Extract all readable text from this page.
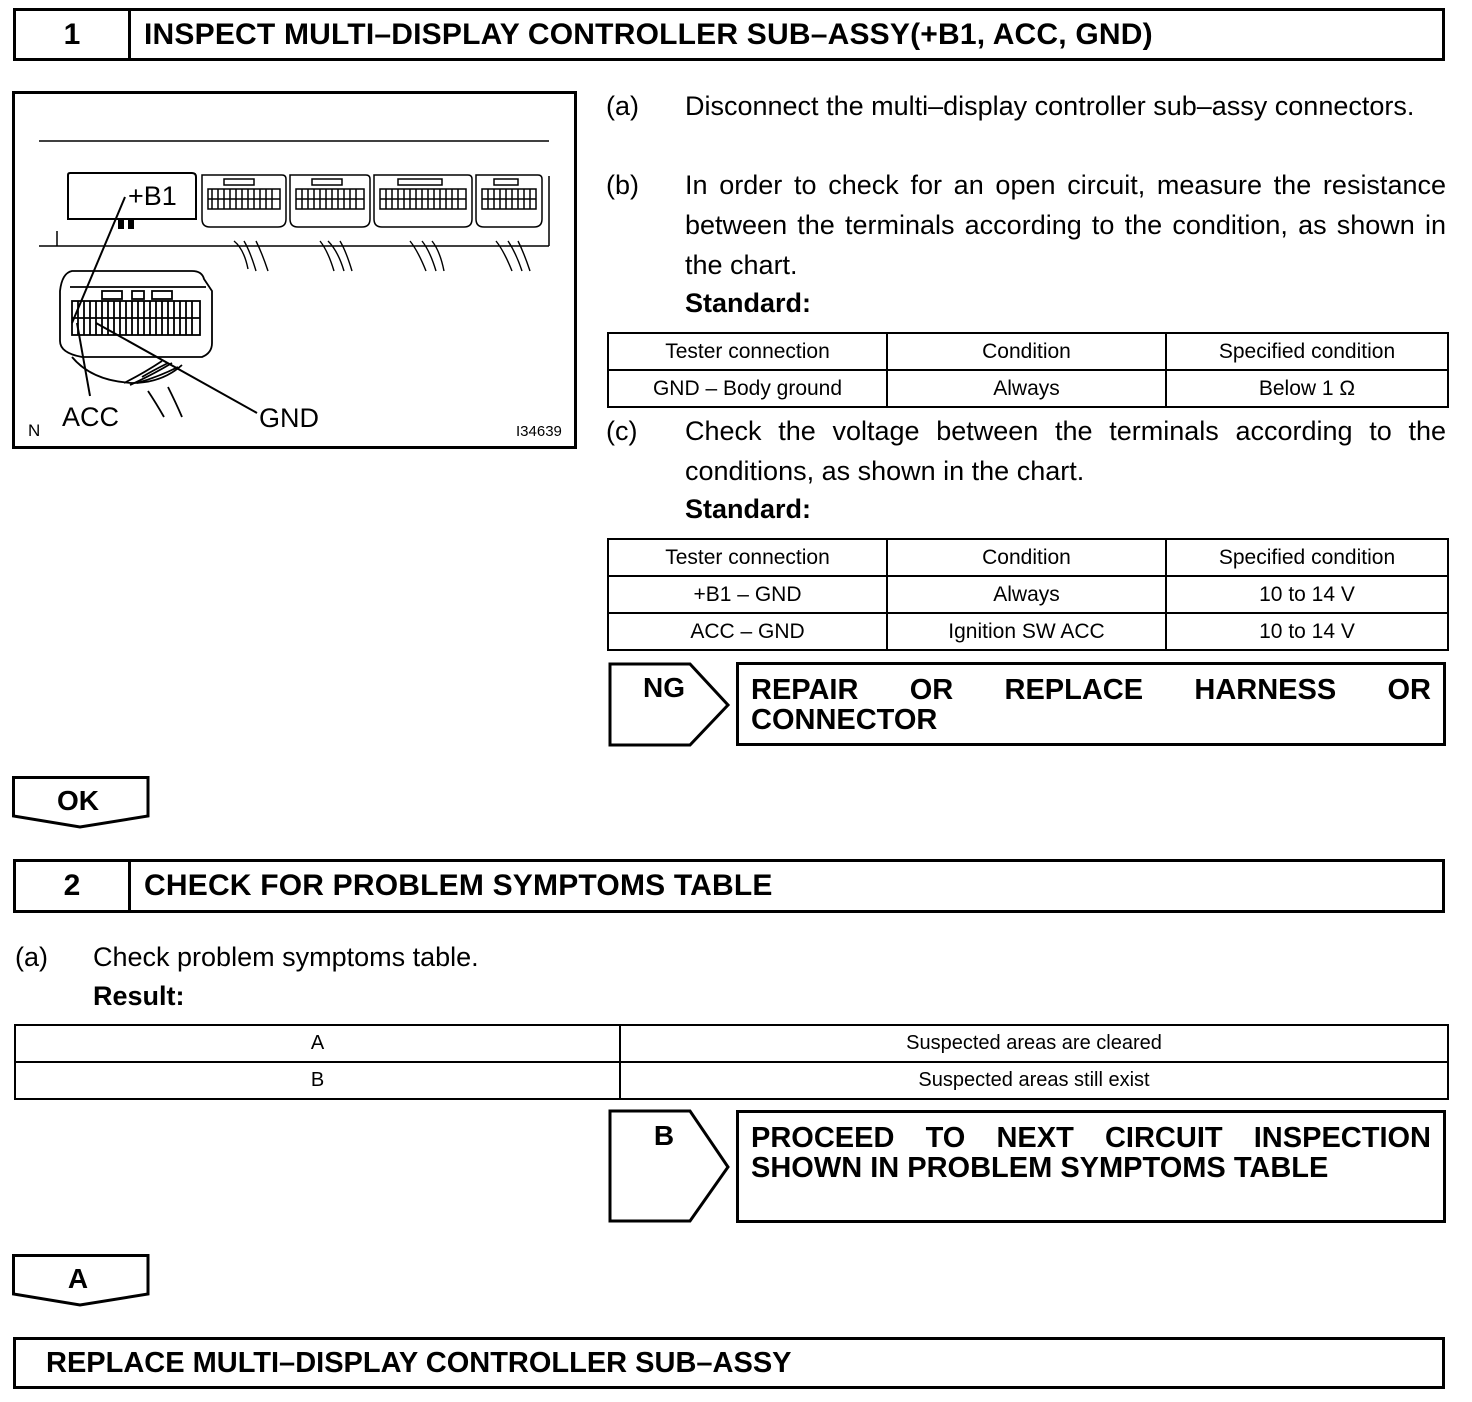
1	INSPECT MULTI–DISPLAY CONTROLLER SUB–ASSY(+B1, ACC, GND)
+B1
ACC	GND
N	I34639
(a) Disconnect the multi–display controller sub–assy connectors.
(b) In order to check for an open circuit, measure the resistance between the terminals according to the condition, as shown in the chart.
Standard:
Tester connection	Condition	Specified condition
GND – Body ground	Always	Below 1 Ω
(c) Check the voltage between the terminals according to the conditions, as shown in the chart.
Standard:
Tester connection	Condition	Specified condition
+B1 – GND	Always	10 to 14 V
ACC – GND	Ignition SW ACC	10 to 14 V
NG REPAIR OR REPLACE HARNESS OR
CONNECTOR
OK
2	CHECK FOR PROBLEM SYMPTOMS TABLE
(a) Check problem symptoms table.
Result:
A	Suspected areas are cleared
B	Suspected areas still exist
B	PROCEED TO NEXT CIRCUIT INSPECTION
SHOWN IN PROBLEM SYMPTOMS TABLE
A
REPLACE MULTI–DISPLAY CONTROLLER SUB–ASSY
